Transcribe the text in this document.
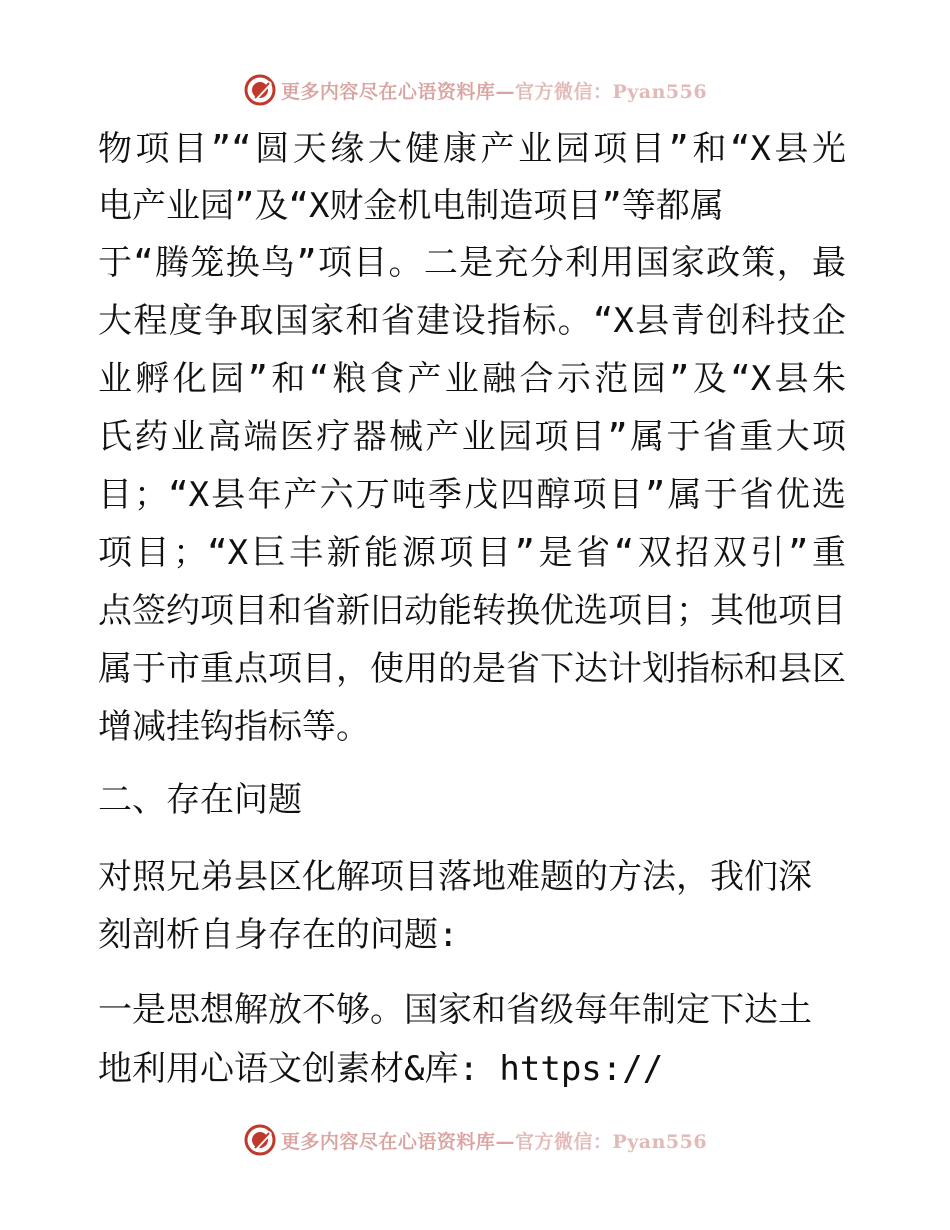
更多内容尽在心语资料库—官方微信：Pyan556
物项目”“圆天缘大健康产业园项目”和“X县光
电产业园”及“X财金机电制造项目”等都属
于“腾笼换鸟”项目。二是充分利用国家政策，最
大程度争取国家和省建设指标。“X县青创科技企
业孵化园”和“粮食产业融合示范园”及“X县朱
氏药业高端医疗器械产业园项目”属于省重大项
目；“X县年产六万吨季戊四醇项目”属于省优选
项目；“X巨丰新能源项目”是省“双招双引”重
点签约项目和省新旧动能转换优选项目；其他项目
属于市重点项目，使用的是省下达计划指标和县区
增减挂钩指标等。
二、存在问题
对照兄弟县区化解项目落地难题的方法，我们深
刻剖析自身存在的问题:
一是思想解放不够。国家和省级每年制定下达土
地利用心语文创素材&库: https://
更多内容尽在心语资料库—官方微信：Pyan556
